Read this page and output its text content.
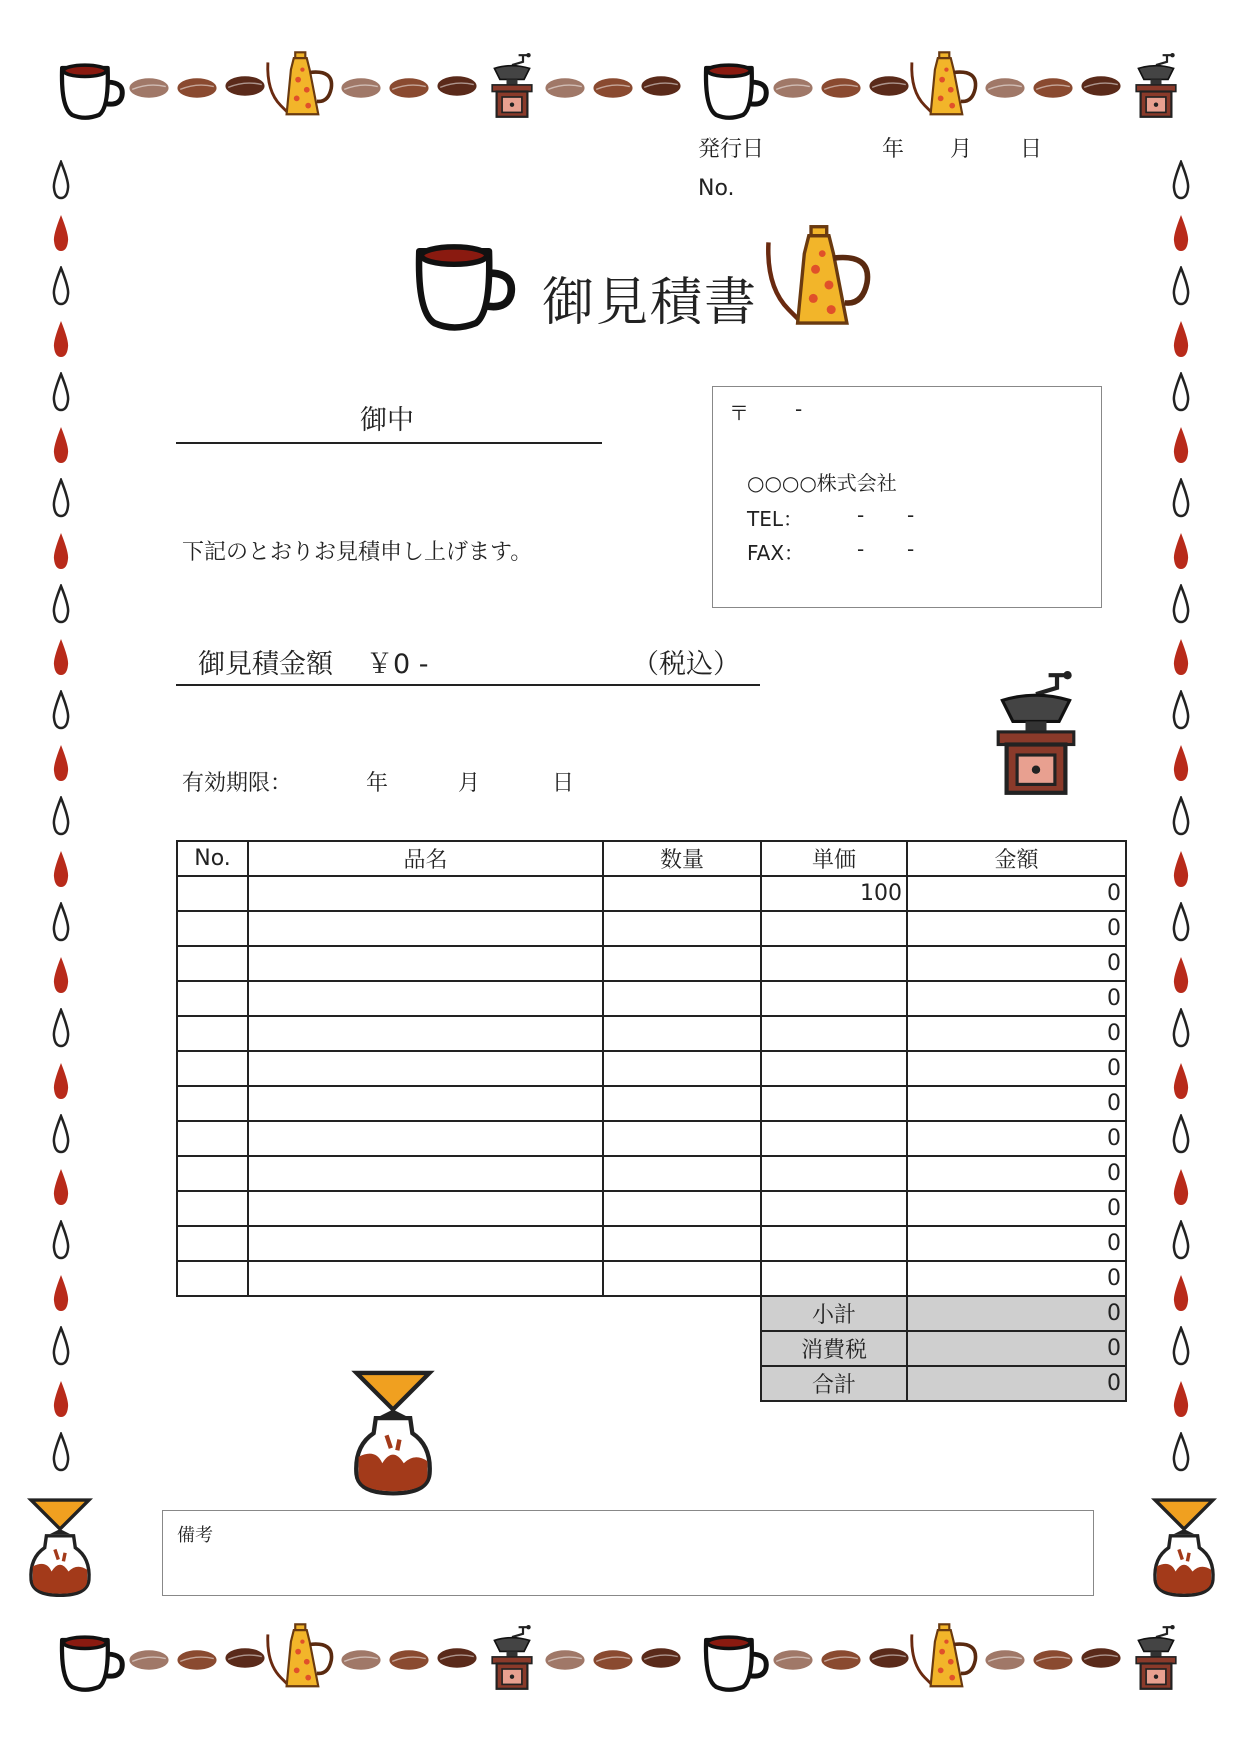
発行日	年 月 日
No.
御見積書
御中
下記のとおりお見積申し上げます。
〒 -
○○○○株式会社
TEL：	- -
FAX：	- -
御見積金額 ￥0 -	（税込）
有効期限：	年	月	日
No.	品名	数量	単価	金額
			100	0
				0
				0
				0
				0
				0
				0
				0
				0
				0
				0
				0
			小計	0
			消費税	0
			合計	0
備考
